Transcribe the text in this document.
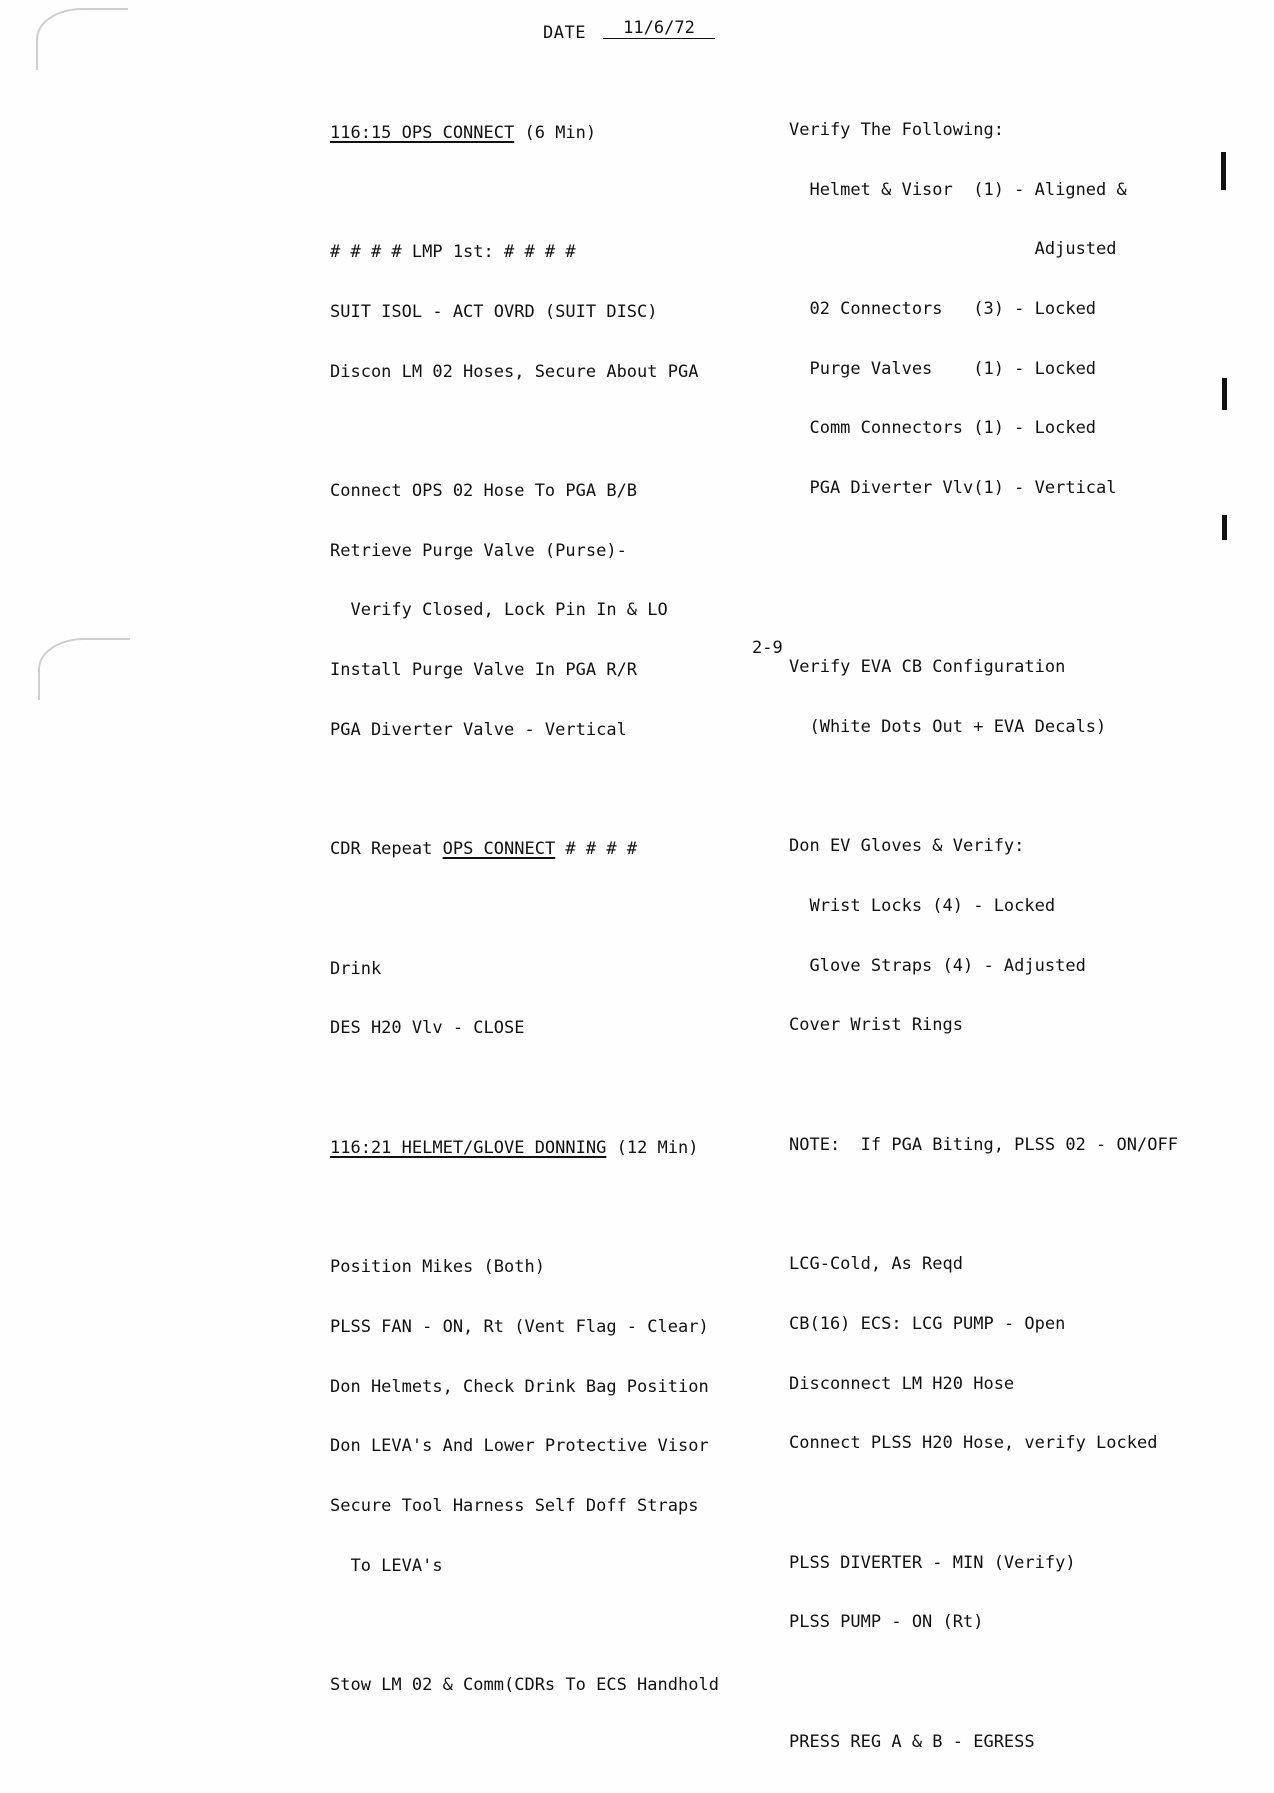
DATE

	11/6/72

116:15 OPS CONNECT (6 Min)

# # # # LMP 1st: # # # #

SUIT ISOL - ACT OVRD (SUIT DISC)

Discon LM 02 Hoses, Secure About PGA

Connect OPS 02 Hose To PGA B/B

Retrieve Purge Valve (Purse)-

Verify Closed, Lock Pin In & LO

Install Purge Valve In PGA R/R

PGA Diverter Valve - Vertical

CDR Repeat OPS CONNECT # # # #

Drink

DES H20 Vlv - CLOSE

116:21 HELMET/GLOVE DONNING (12 Min)

Position Mikes (Both)

PLSS FAN - ON, Rt (Vent Flag - Clear)

Don Helmets, Check Drink Bag Position

Don LEVA's And Lower Protective Visor

Secure Tool Harness Self Doff Straps

To LEVA's

Stow LM 02 & Comm(CDRs To ECS Handhold

Verify The Following:

Helmet & Visor  (1) - Aligned &

Adjusted

02 Connectors   (3) - Locked

Purge Valves    (1) - Locked

Comm Connectors (1) - Locked

PGA Diverter Vlv(1) - Vertical

Verify EVA CB Configuration

(White Dots Out + EVA Decals)

Don EV Gloves & Verify:

Wrist Locks (4) - Locked

Glove Straps (4) - Adjusted

Cover Wrist Rings

NOTE:  If PGA Biting, PLSS 02 - ON/OFF

LCG-Cold, As Reqd

CB(16) ECS: LCG PUMP - Open

Disconnect LM H20 Hose

Connect PLSS H20 Hose, verify Locked

PLSS DIVERTER - MIN (Verify)

PLSS PUMP - ON (Rt)

PRESS REG A & B - EGRESS

2-9
